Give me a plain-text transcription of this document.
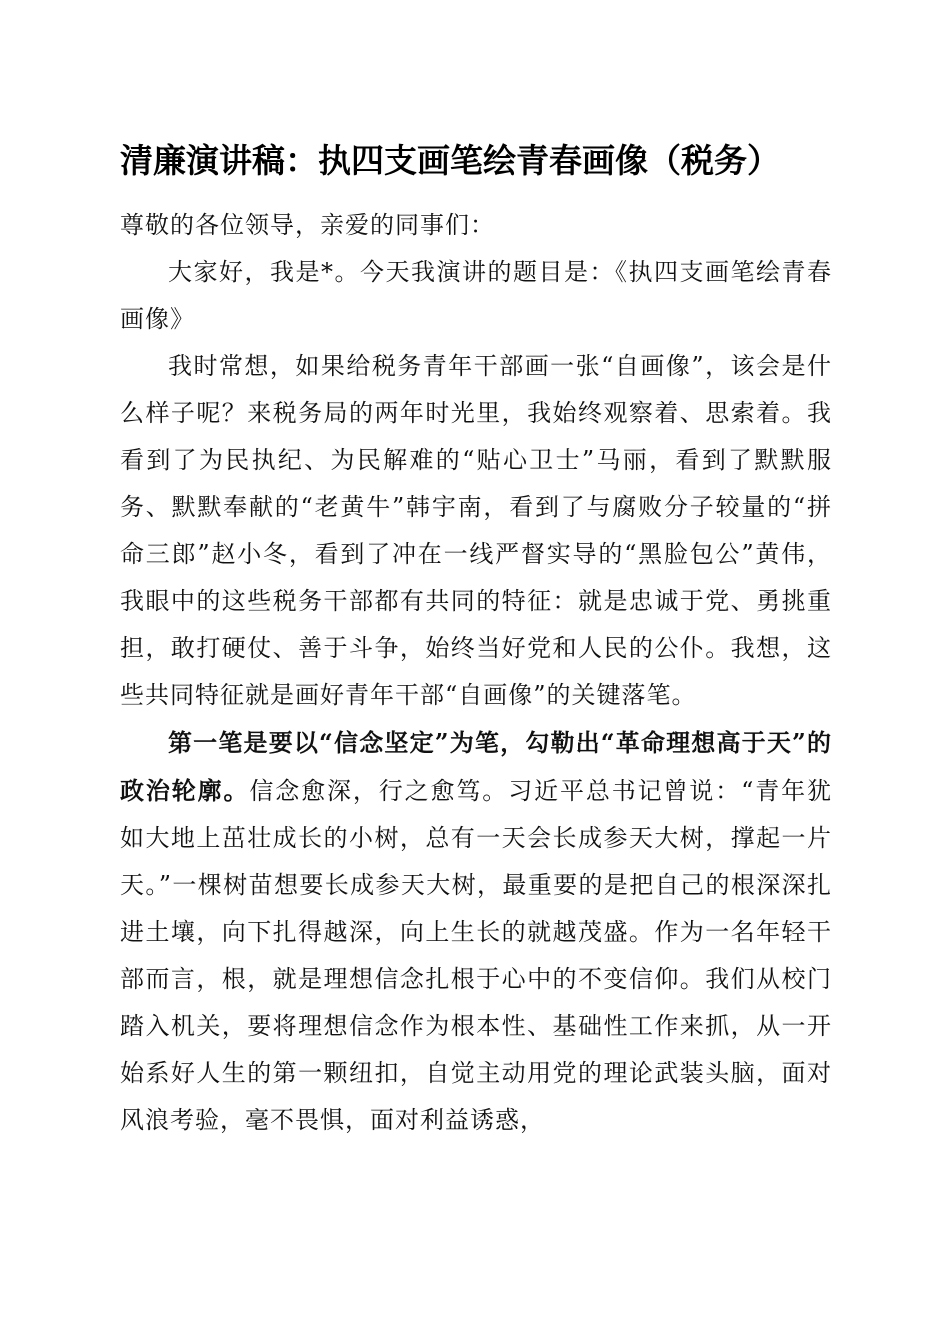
清廉演讲稿：执四支画笔绘青春画像（税务）

尊敬的各位领导，亲爱的同事们：

大家好，我是*。今天我演讲的题目是：《执四支画笔绘青春画像》

我时常想，如果给税务青年干部画一张“自画像”，该会是什么样子呢？来税务局的两年时光里，我始终观察着、思索着。我看到了为民执纪、为民解难的“贴心卫士”马丽，看到了默默服务、默默奉献的“老黄牛”韩宇南，看到了与腐败分子较量的“拼命三郎”赵小冬，看到了冲在一线严督实导的“黑脸包公”黄伟，我眼中的这些税务干部都有共同的特征：就是忠诚于党、勇挑重担，敢打硬仗、善于斗争，始终当好党和人民的公仆。我想，这些共同特征就是画好青年干部“自画像”的关键落笔。

第一笔是要以“信念坚定”为笔，勾勒出“革命理想高于天”的政治轮廓。信念愈深，行之愈笃。习近平总书记曾说：“青年犹如大地上茁壮成长的小树，总有一天会长成参天大树，撑起一片天。”一棵树苗想要长成参天大树，最重要的是把自己的根深深扎进土壤，向下扎得越深，向上生长的就越茂盛。作为一名年轻干部而言，根，就是理想信念扎根于心中的不变信仰。我们从校门踏入机关，要将理想信念作为根本性、基础性工作来抓，从一开始系好人生的第一颗纽扣，自觉主动用党的理论武装头脑，面对风浪考验，毫不畏惧，面对利益诱惑，
